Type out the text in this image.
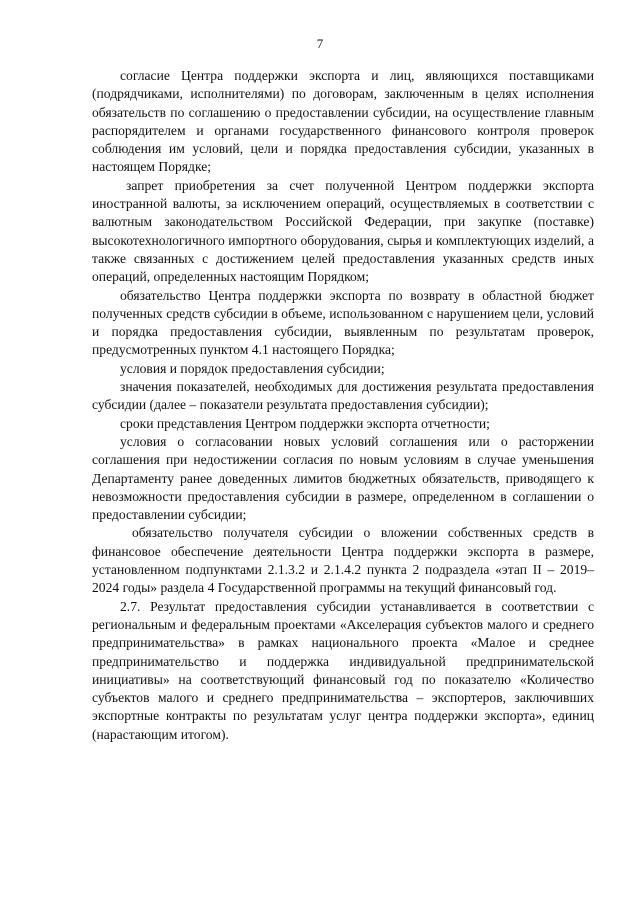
7

согласие Центра поддержки экспорта и лиц, являющихся поставщиками (подрядчиками, исполнителями) по договорам, заключенным в целях исполнения обязательств по соглашению о предоставлении субсидии, на осуществление главным распорядителем и органами государственного финансового контроля проверок соблюдения им условий, цели и порядка предоставления субсидии, указанных в настоящем Порядке;

запрет приобретения за счет полученной Центром поддержки экспорта иностранной валюты, за исключением операций, осуществляемых в соответствии с валютным законодательством Российской Федерации, при закупке (поставке) высокотехнологичного импортного оборудования, сырья и комплектующих изделий, а также связанных с достижением целей предоставления указанных средств иных операций, определенных настоящим Порядком;

обязательство Центра поддержки экспорта по возврату в областной бюджет полученных средств субсидии в объеме, использованном с нарушением цели, условий и порядка предоставления субсидии, выявленным по результатам проверок, предусмотренных пунктом 4.1 настоящего Порядка;

условия и порядок предоставления субсидии;

значения показателей, необходимых для достижения результата предоставления субсидии (далее – показатели результата предоставления субсидии);

сроки представления Центром поддержки экспорта отчетности;

условия о согласовании новых условий соглашения или о расторжении соглашения при недостижении согласия по новым условиям в случае уменьшения Департаменту ранее доведенных лимитов бюджетных обязательств, приводящего к невозможности предоставления субсидии в размере, определенном в соглашении о предоставлении субсидии;

обязательство получателя субсидии о вложении собственных средств в финансовое обеспечение деятельности Центра поддержки экспорта в размере, установленном подпунктами 2.1.3.2 и 2.1.4.2 пункта 2 подраздела «этап II – 2019–2024 годы» раздела 4 Государственной программы на текущий финансовый год.

2.7. Результат предоставления субсидии устанавливается в соответствии с региональным и федеральным проектами «Акселерация субъектов малого и среднего предпринимательства» в рамках национального проекта «Малое и среднее предпринимательство и поддержка индивидуальной предпринимательской инициативы» на соответствующий финансовый год по показателю «Количество субъектов малого и среднего предпринимательства – экспортеров, заключивших экспортные контракты по результатам услуг центра поддержки экспорта», единиц (нарастающим итогом).
